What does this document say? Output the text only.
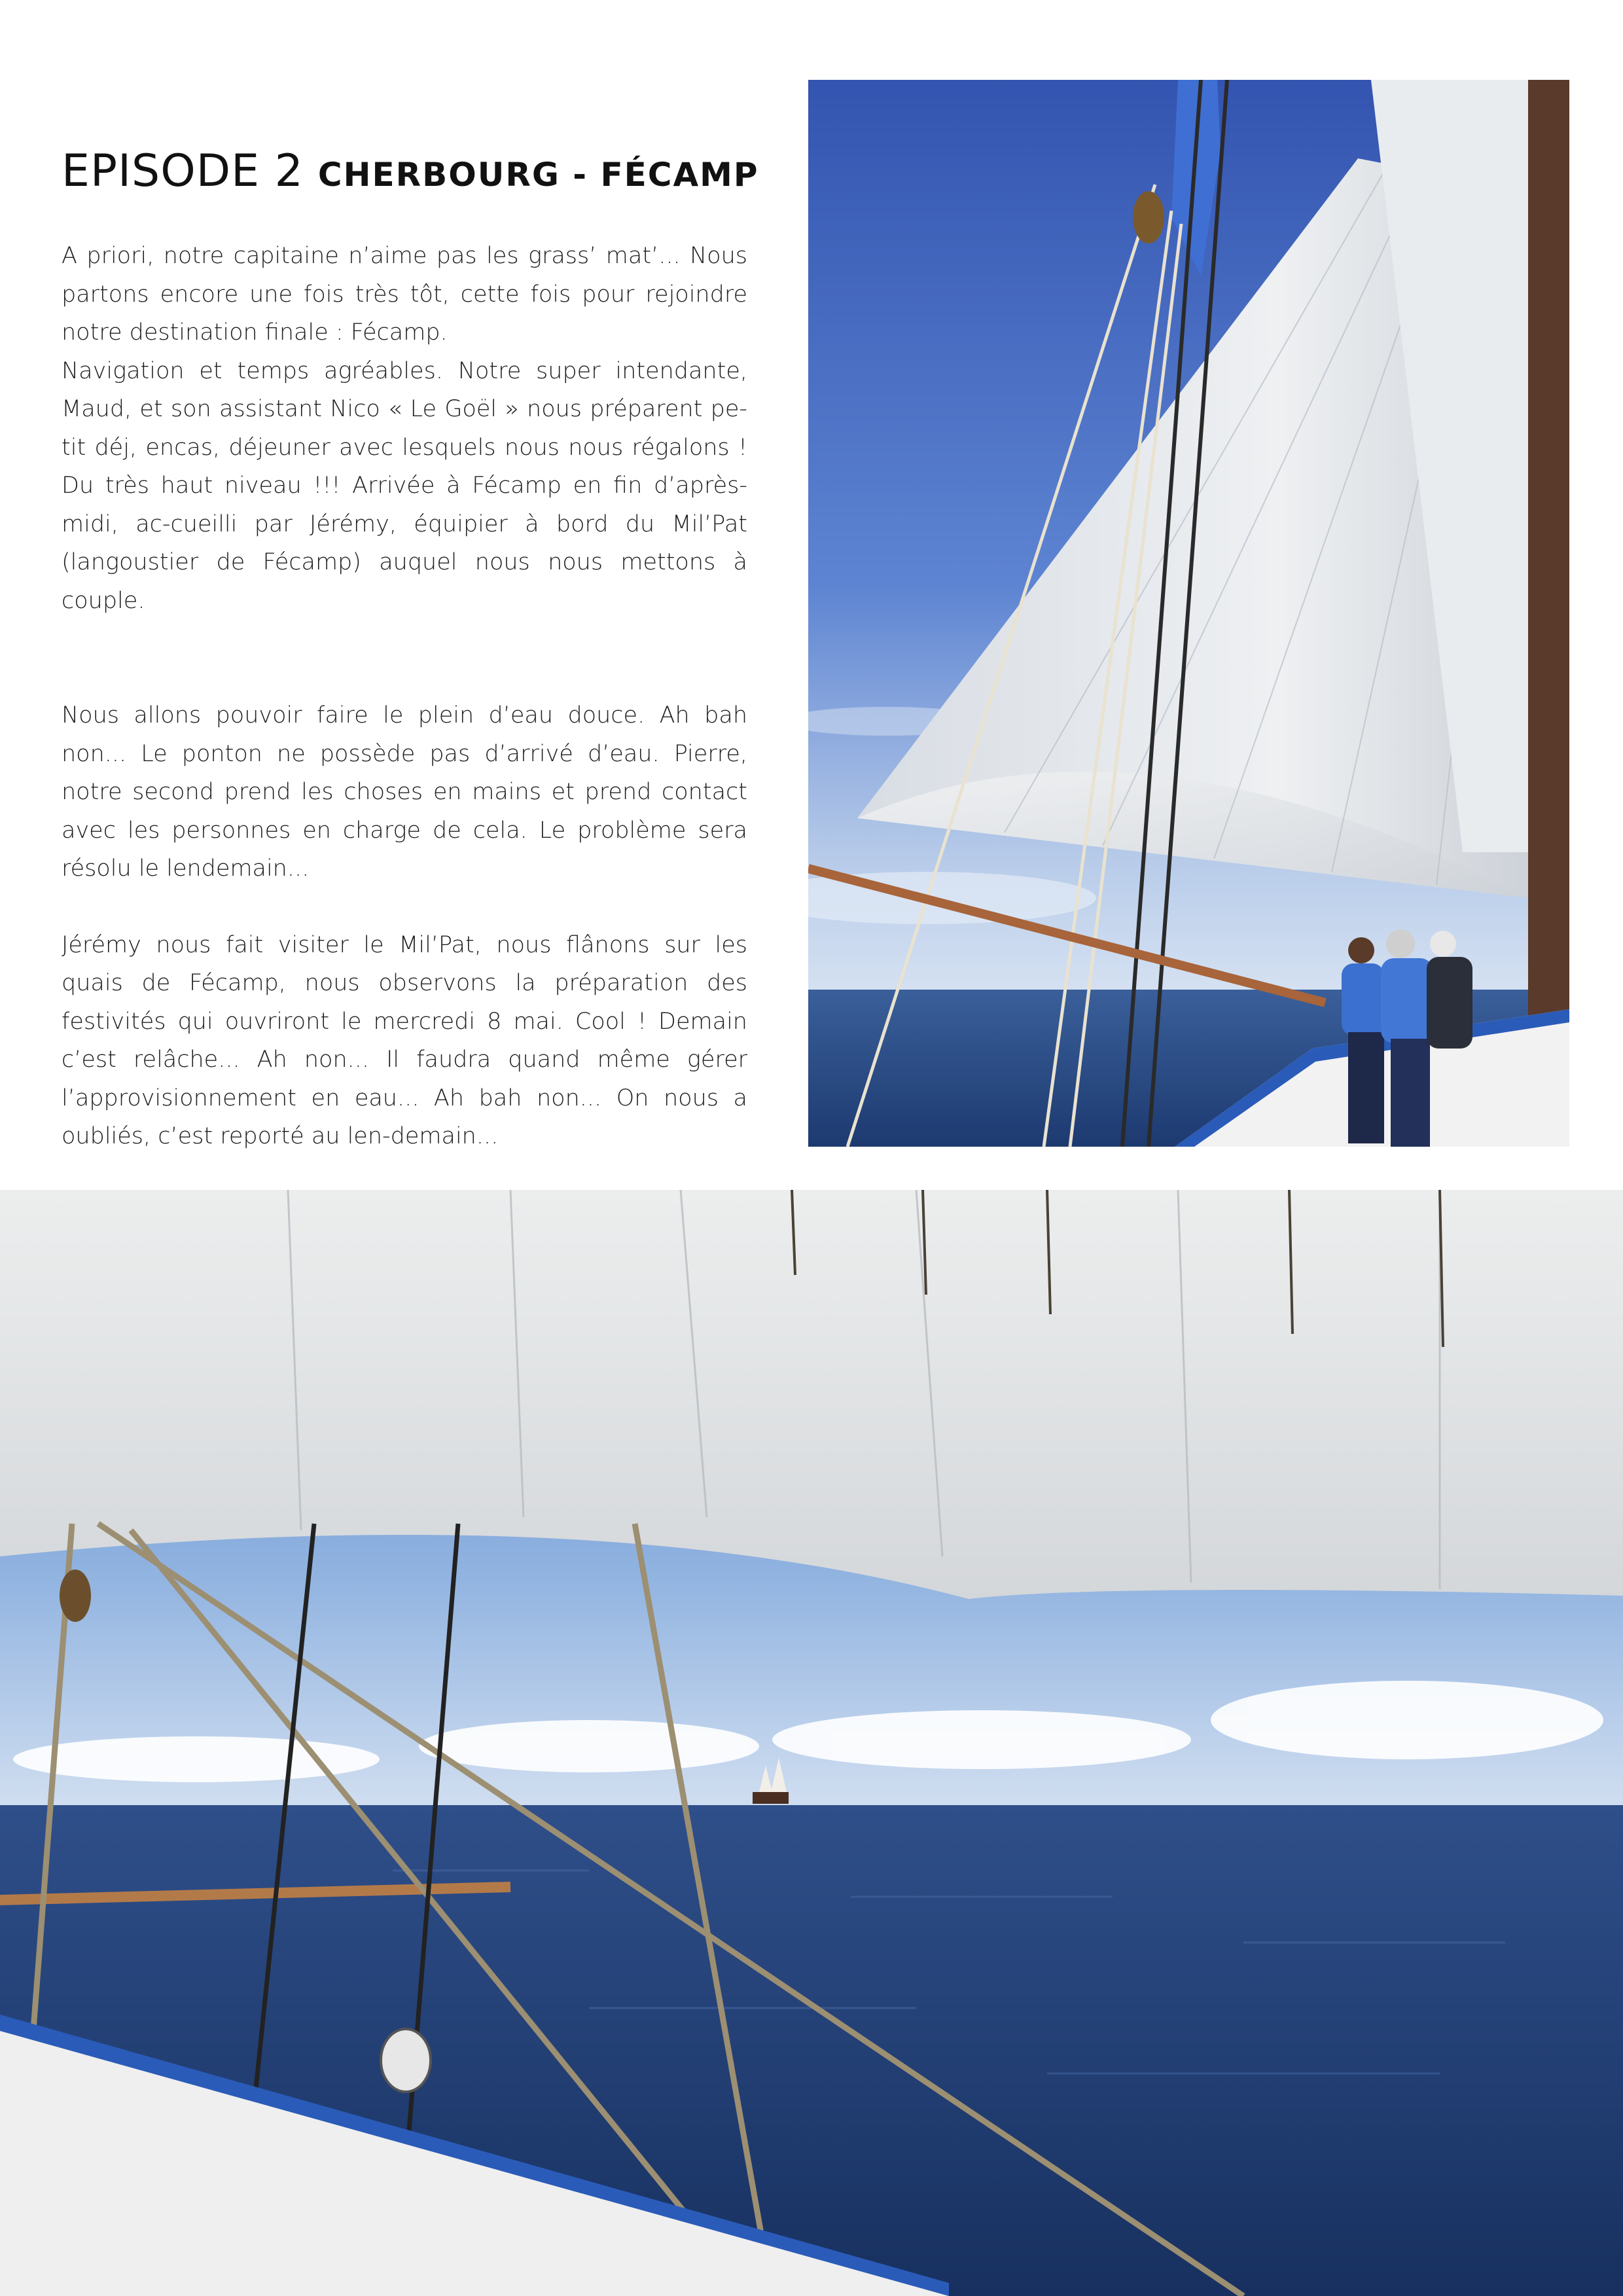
EPISODE 2 CHERBOURG - FÉCAMP

A priori, notre capitaine n’aime pas les grass’ mat’... Nous partons encore une fois très tôt, cette fois pour rejoindre notre destination finale : Fécamp.

Navigation et temps agréables. Notre super intendante, Maud, et son assistant Nico « Le Goël » nous préparent pe-tit déj, encas, déjeuner avec lesquels nous nous régalons ! Du très haut niveau !!! Arrivée à Fécamp en fin d’après-midi, ac-cueilli par Jérémy, équipier à bord du Mil’Pat (langoustier de Fécamp) auquel nous nous mettons à couple.

Nous allons pouvoir faire le plein d’eau douce. Ah bah non... Le ponton ne possède pas d’arrivé d’eau. Pierre, notre second prend les choses en mains et prend contact avec les personnes en charge de cela. Le problème sera résolu le lendemain...

Jérémy nous fait visiter le Mil’Pat, nous flânons sur les quais de Fécamp, nous observons la préparation des festivités qui ouvriront le mercredi 8 mai. Cool ! Demain c’est relâche... Ah non... Il faudra quand même gérer l’approvisionnement en eau... Ah bah non... On nous a oubliés, c’est reporté au len-demain...
